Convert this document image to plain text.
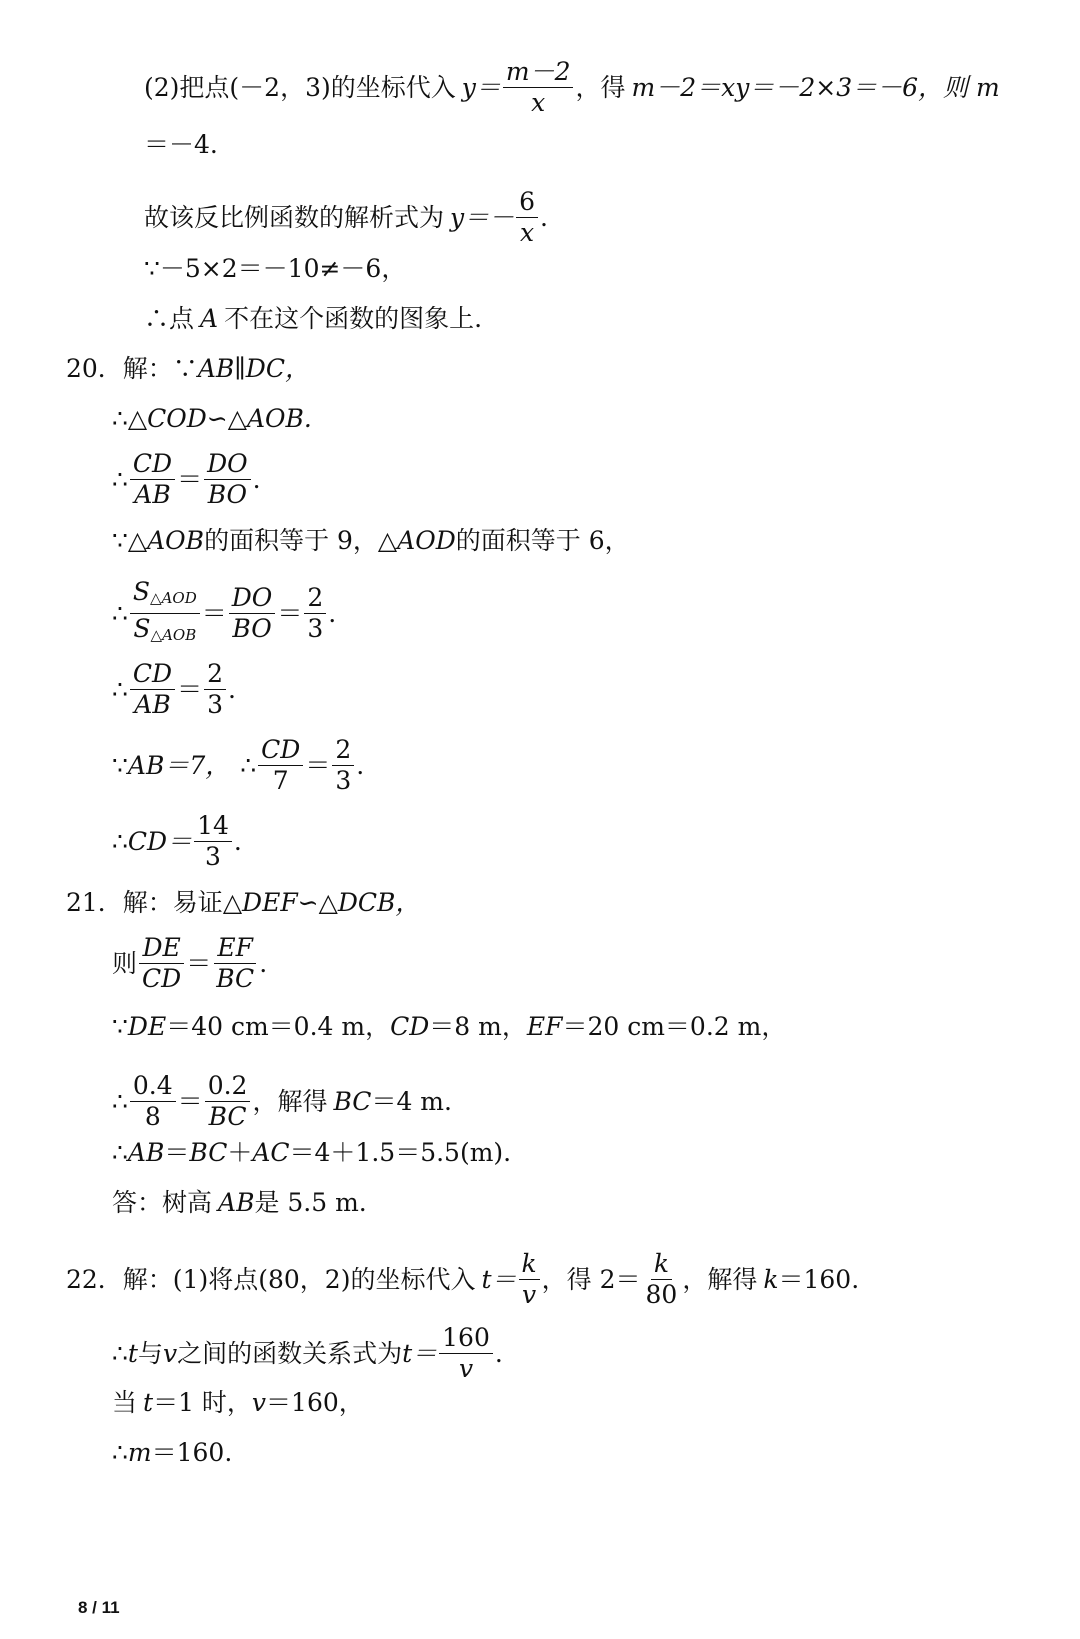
(2)把点(－2，3)的坐标代入 $y= \frac{m-2}{x}$ ，得 m－2＝xy＝－2×3＝－6，则 m
＝－4.
故该反比例函数的解析式为 $y=- \frac{6}{x}$ .
∵－5×2＝－10≠－6，
∴点 A 不在这个函数的图象上.
20．解：∵ AB∥DC，
∴ △COD∽△AOB.
∴ $\frac{CD}{AB} = \frac{DO}{BO}$ .
∵ △AOB 的面积等于 9， △AOD 的面积等于 6，
∴ $\frac{S_{\triangle AOD}}{S_{\triangle AOB}} = \frac{DO}{BO} = \frac{2}{3}$ .
∴ $\frac{CD}{AB} = \frac{2}{3}$ .
∵ AB＝7， ∴ $\frac{CD}{7} = \frac{2}{3}$ .
∴ $CD= \frac{14}{3}$ .
21．解：易证 △DEF∽△DCB，
则 $\frac{DE}{CD} = \frac{EF}{BC}$ .
∵ DE ＝40 cm＝0.4 m， CD ＝8 m， EF ＝20 cm＝0.2 m，
∴ $\frac{0.4}{8} = \frac{0.2}{BC}$ ，解得 BC ＝4 m.
∴ AB ＝ BC ＋ AC ＝4＋1.5＝5.5(m).
答：树高 AB 是 5.5 m.
22．解：(1)将点(80，2)的坐标代入 $t= \frac{k}{v}$ ，得 $2= \frac{k}{80}$ ，解得 k ＝160.
∴ t 与 v 之间的函数关系式为 $t= \frac{160}{v}$ .
当 t ＝1 时， v ＝160，
∴ m ＝160.
8 / 11
